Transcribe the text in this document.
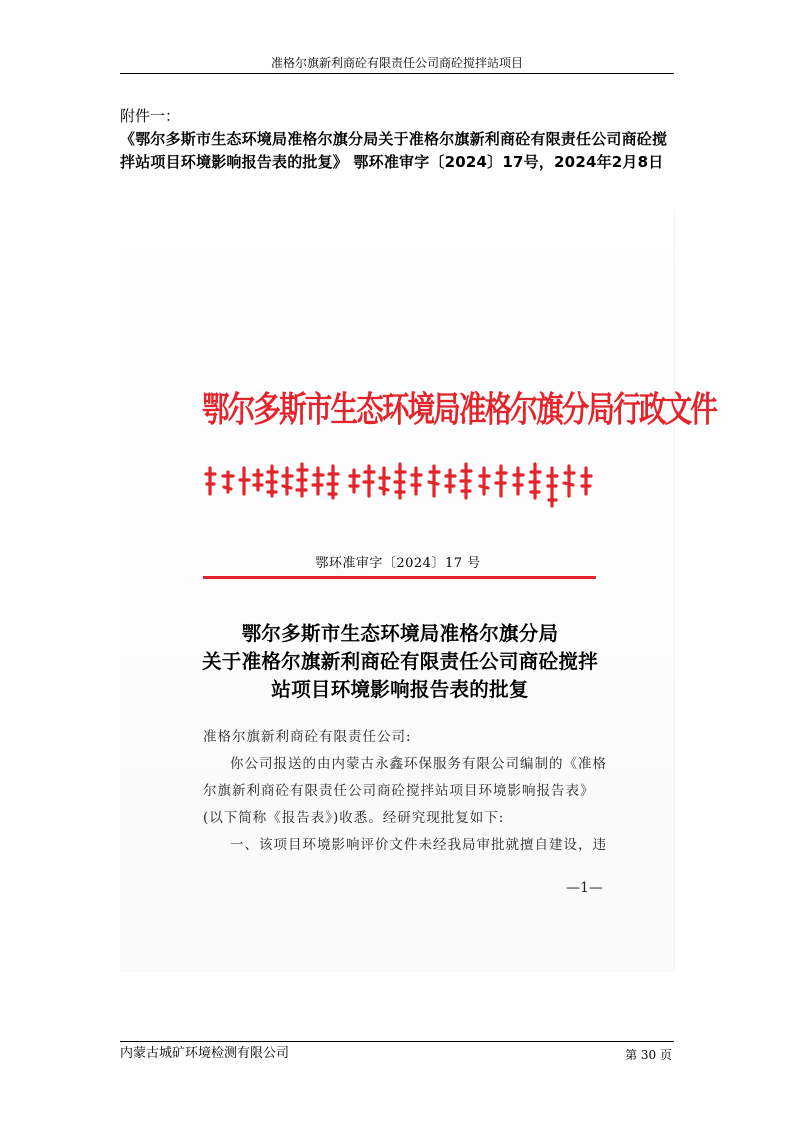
准格尔旗新利商砼有限责任公司商砼搅拌站项目
附件一：
《鄂尔多斯市生态环境局准格尔旗分局关于准格尔旗新利商砼有限责任公司商砼搅拌站项目环境影响报告表的批复》 鄂环准审字〔2024〕17号，2024年2月8日
鄂尔多斯市生态环境局准格尔旗分局行政文件
鄂环准审字〔2024〕17 号
鄂尔多斯市生态环境局准格尔旗分局
关于准格尔旗新利商砼有限责任公司商砼搅拌
站项目环境影响报告表的批复

准格尔旗新利商砼有限责任公司:

你公司报送的由内蒙古永鑫环保服务有限公司编制的《准格

尔旗新利商砼有限责任公司商砼搅拌站项目环境影响报告表》

(以下简称《报告表》)收悉。经研究现批复如下:

一、该项目环境影响评价文件未经我局审批就擅自建设，违

—1—
内蒙古城矿环境检测有限公司	第 30 页
